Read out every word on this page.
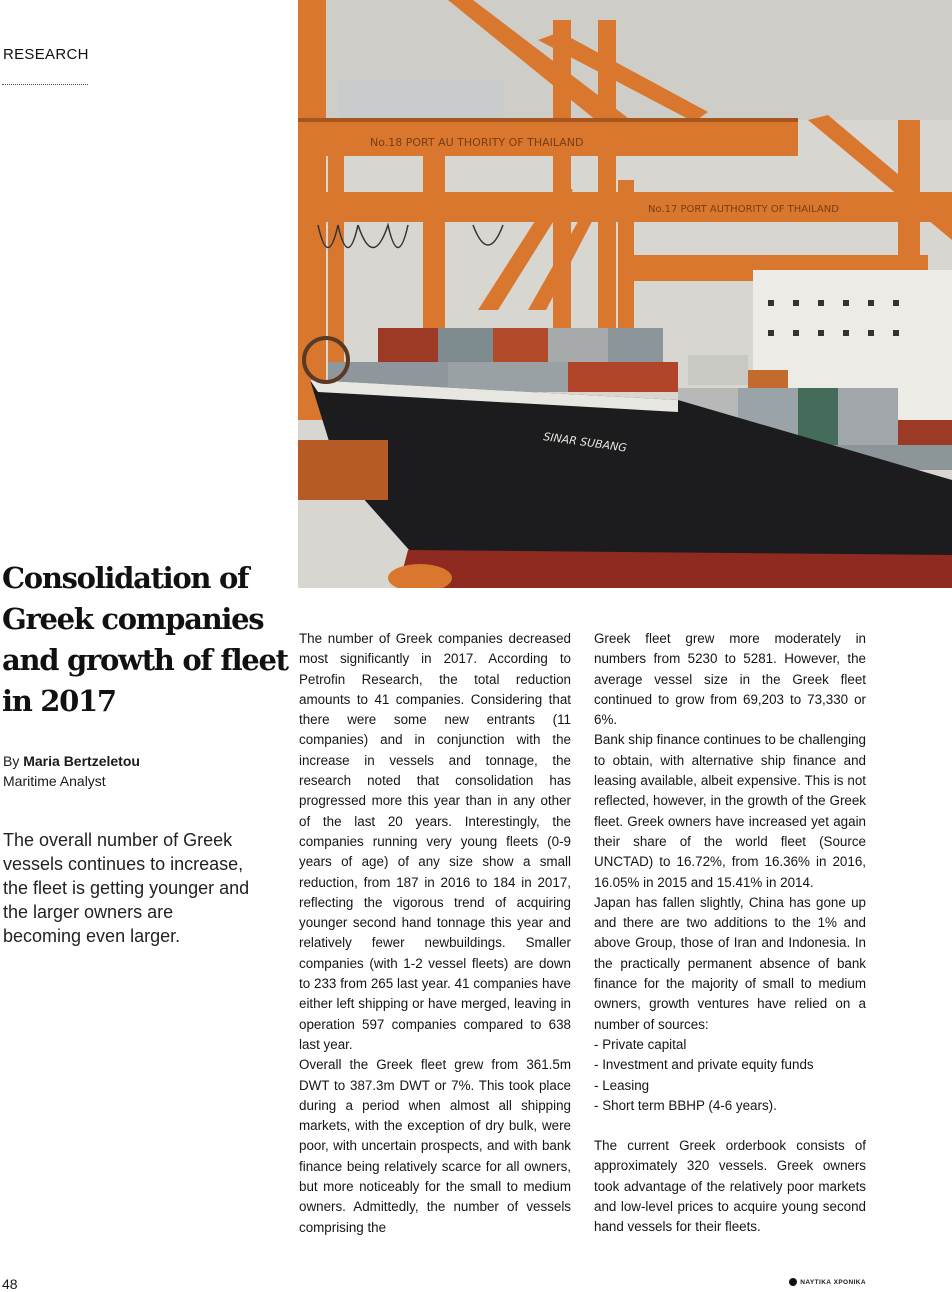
RESEARCH
No.18 PORT AU THORITY OF THAILAND
No.17 PORT AUTHORITY OF THAILAND
SINAR SUBANG
Consolidation of Greek companies and growth of fleet in 2017
By Maria Bertzeletou
Maritime Analyst

The overall number of Greek vessels continues to increase, the fleet is getting younger and the larger owners are becoming even larger.

The number of Greek companies decreased most significantly in 2017. According to Petrofin Research, the total reduction amounts to 41 companies. Considering that there were some new entrants (11 companies) and in conjunction with the increase in vessels and tonnage, the research noted that consolidation has progressed more this year than in any other of the last 20 years. Interestingly, the companies running very young fleets (0-9 years of age) of any size show a small reduction, from 187 in 2016 to 184 in 2017, reflecting the vigorous trend of acquiring younger second hand tonnage this year and relatively fewer newbuildings. Smaller companies (with 1-2 vessel fleets) are down to 233 from 265 last year. 41 companies have either left shipping or have merged, leaving in operation 597 companies compared to 638 last year.

Overall the Greek fleet grew from 361.5m DWT to 387.3m DWT or 7%. This took place during a period when almost all shipping markets, with the exception of dry bulk, were poor, with uncertain prospects, and with bank finance being relatively scarce for all owners, but more noticeably for the small to medium owners. Admittedly, the number of vessels comprising the

Greek fleet grew more moderately in numbers from 5230 to 5281. However, the average vessel size in the Greek fleet continued to grow from 69,203 to 73,330 or 6%.

Bank ship finance continues to be challenging to obtain, with alternative ship finance and leasing available, albeit expensive. This is not reflected, however, in the growth of the Greek fleet. Greek owners have increased yet again their share of the world fleet (Source UNCTAD) to 16.72%, from 16.36% in 2016, 16.05% in 2015 and 15.41% in 2014.

Japan has fallen slightly, China has gone up and there are two additions to the 1% and above Group, those of Iran and Indonesia. In the practically permanent absence of bank finance for the majority of small to medium owners, growth ventures have relied on a number of sources:

- Private capital
- Investment and private equity funds
- Leasing
- Short term BBHP (4-6 years).

The current Greek orderbook consists of approximately 320 vessels. Greek owners took advantage of the relatively poor markets and low-level prices to acquire young second hand vessels for their fleets.

48	ΝΑΥΤΙΚΑ ΧΡΟΝΙΚΑ
